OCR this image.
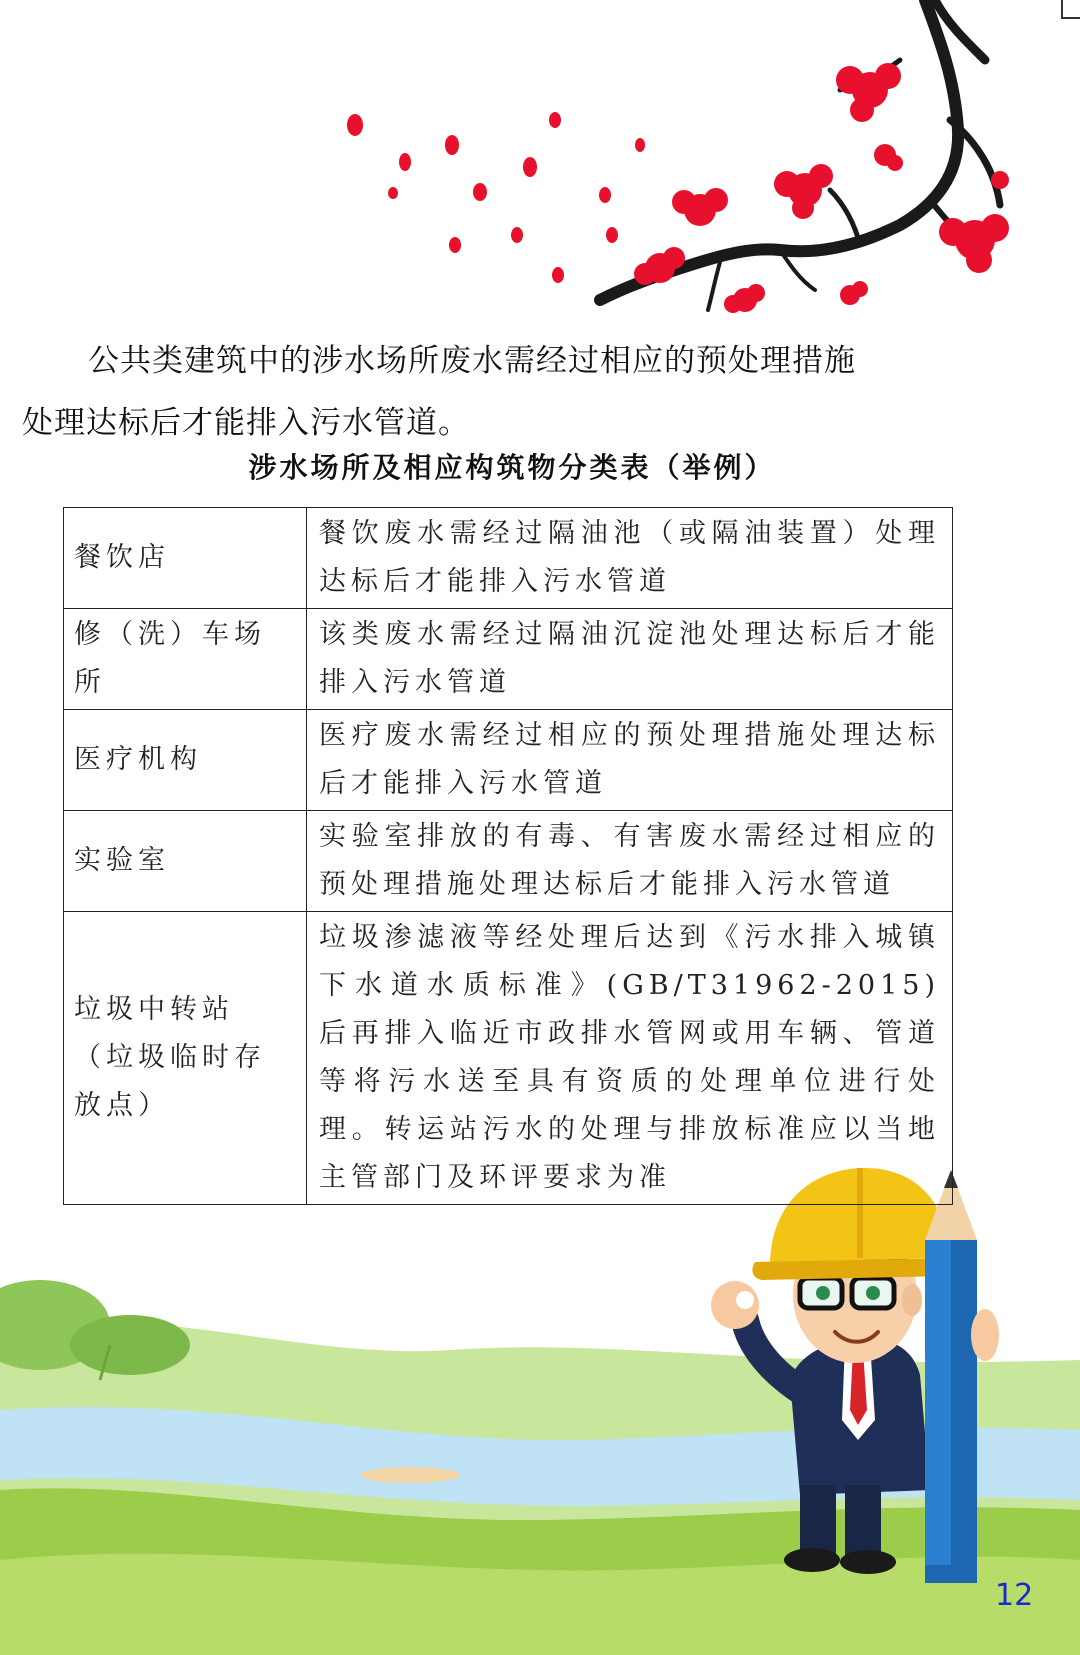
公共类建筑中的涉水场所废水需经过相应的预处理措施
处理达标后才能排入污水管道。
涉水场所及相应构筑物分类表（举例）
餐饮店	餐饮废水需经过隔油池（或隔油装置）处理达标后才能排入污水管道
修（洗）车场所	该类废水需经过隔油沉淀池处理达标后才能排入污水管道
医疗机构	医疗废水需经过相应的预处理措施处理达标后才能排入污水管道
实验室	实验室排放的有毒、有害废水需经过相应的预处理措施处理达标后才能排入污水管道
垃圾中转站（垃圾临时存放点）	垃圾渗滤液等经处理后达到《污水排入城镇下水道水质标准》(GB/T31962-2015)后再排入临近市政排水管网或用车辆、管道等将污水送至具有资质的处理单位进行处理。转运站污水的处理与排放标准应以当地主管部门及环评要求为准
12
